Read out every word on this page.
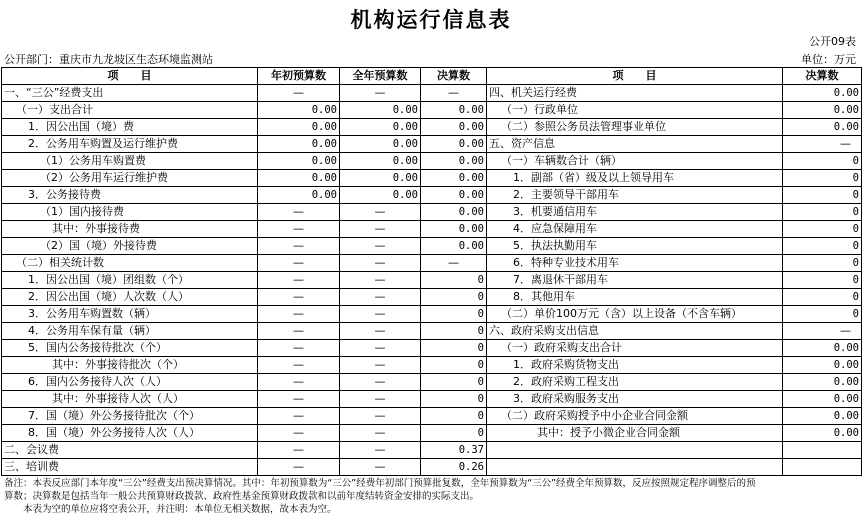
机构运行信息表
公开09表
公开部门：重庆市九龙坡区生态环境监测站	单位：万元
项　　目	年初预算数	全年预算数	决算数	项　　目	决算数
一、“三公”经费支出	—	—	—	四、机关运行经费	0.00
（一）支出合计	0.00	0.00	0.00	（一）行政单位	0.00
1．因公出国（境）费	0.00	0.00	0.00	（二）参照公务员法管理事业单位	0.00
2．公务用车购置及运行维护费	0.00	0.00	0.00	五、资产信息	—
（1）公务用车购置费	0.00	0.00	0.00	（一）车辆数合计（辆）	0
（2）公务用车运行维护费	0.00	0.00	0.00	1．副部（省）级及以上领导用车	0
3．公务接待费	0.00	0.00	0.00	2．主要领导干部用车	0
（1）国内接待费	—	—	0.00	3．机要通信用车	0
其中：外事接待费	—	—	0.00	4．应急保障用车	0
（2）国（境）外接待费	—	—	0.00	5．执法执勤用车	0
（二）相关统计数	—	—	—	6．特种专业技术用车	0
1．因公出国（境）团组数（个）	—	—	0	7．离退休干部用车	0
2．因公出国（境）人次数（人）	—	—	0	8．其他用车	0
3．公务用车购置数（辆）	—	—	0	（二）单价100万元（含）以上设备（不含车辆）	0
4．公务用车保有量（辆）	—	—	0	六、政府采购支出信息	—
5．国内公务接待批次（个）	—	—	0	（一）政府采购支出合计	0.00
其中：外事接待批次（个）	—	—	0	1．政府采购货物支出	0.00
6．国内公务接待人次（人）	—	—	0	2．政府采购工程支出	0.00
其中：外事接待人次（人）	—	—	0	3．政府采购服务支出	0.00
7．国（境）外公务接待批次（个）	—	—	0	（二）政府采购授予中小企业合同金额	0.00
8．国（境）外公务接待人次（人）	—	—	0	其中：授予小微企业合同金额	0.00
二、会议费	—	—	0.37		
三、培训费	—	—	0.26		
备注：本表反应部门本年度“三公”经费支出预决算情况。其中：年初预算数为“三公”经费年初部门预算批复数，全年预算数为“三公”经费全年预算数，反应按照规定程序调整后的预
算数；决算数是包括当年一般公共预算财政拨款、政府性基金预算财政拨款和以前年度结转资金安排的实际支出。
　　本表为空的单位应将空表公开，并注明：本单位无相关数据，故本表为空。
